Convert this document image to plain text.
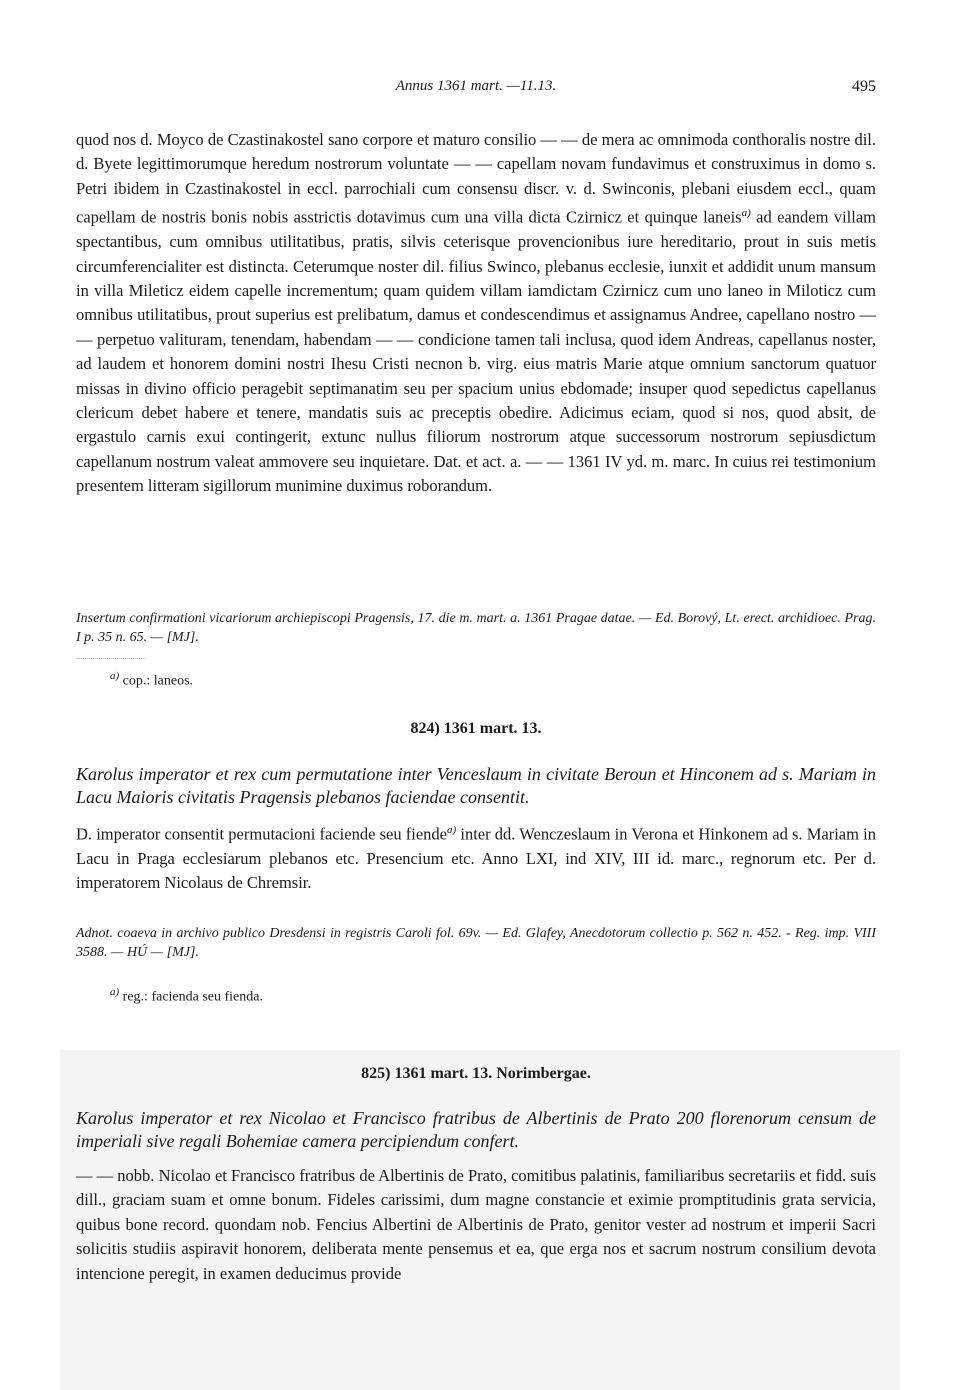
Annus 1361 mart. —11.13.	495

quod nos d. Moyco de Czastinakostel sano corpore et maturo consilio — — de mera ac omnimoda conthoralis nostre dil. d. Byete legittimorumque heredum nostrorum voluntate — — capellam novam fundavimus et construximus in domo s. Petri ibidem in Czastinakostel in eccl. parrochiali cum consensu discr. v. d. Swinconis, plebani eiusdem eccl., quam capellam de nostris bonis nobis asstrictis dotavimus cum una villa dicta Czirnicz et quinque laneis$^{a)}$ ad eandem villam spectantibus, cum omnibus utilitatibus, pratis, silvis ceterisque provencionibus iure hereditario, prout in suis metis circumferencialiter est distincta. Ceterumque noster dil. filius Swinco, plebanus ecclesie, iunxit et addidit unum mansum in villa Mileticz eidem capelle incrementum; quam quidem villam iamdictam Czirnicz cum uno laneo in Miloticz cum omnibus utilitatibus, prout superius est prelibatum, damus et condescendimus et assignamus Andree, capellano nostro — — perpetuo valituram, tenendam, habendam — — condicione tamen tali inclusa, quod idem Andreas, capellanus noster, ad laudem et honorem domini nostri Ihesu Cristi necnon b. virg. eius matris Marie atque omnium sanctorum quatuor missas in divino officio peragebit septimanatim seu per spacium unius ebdomade; insuper quod sepedictus capellanus clericum debet habere et tenere, mandatis suis ac preceptis obedire. Adicimus eciam, quod si nos, quod absit, de ergastulo carnis exui contingerit, extunc nullus filiorum nostrorum atque successorum nostrorum sepiusdictum capellanum nostrum valeat ammovere seu inquietare. Dat. et act. a. — — 1361 IV yd. m. marc. In cuius rei testimonium presentem litteram sigillorum munimine duximus roborandum.

Insertum confirmationi vicariorum archiepiscopi Pragensis, 17. die m. mart. a. 1361 Pragae datae. — Ed. Borový, Lt. erect. archidioec. Prag. I p. 35 n. 65. — [MJ].

$^{a)}$ cop.: laneos.

824) 1361 mart. 13.

Karolus imperator et rex cum permutatione inter Venceslaum in civitate Beroun et Hinconem ad s. Mariam in Lacu Maioris civitatis Pragensis plebanos faciendae consentit.

D. imperator consentit permutacioni faciende seu fiende$^{a)}$ inter dd. Wenczeslaum in Verona et Hinkonem ad s. Mariam in Lacu in Praga ecclesiarum plebanos etc. Presencium etc. Anno LXI, ind XIV, III id. marc., regnorum etc. Per d. imperatorem Nicolaus de Chremsir.

Adnot. coaeva in archivo publico Dresdensi in registris Caroli fol. 69v. — Ed. Glafey, Anecdotorum collectio p. 562 n. 452. - Reg. imp. VIII 3588. — HÚ — [MJ].

$^{a)}$ reg.: facienda seu fienda.

825) 1361 mart. 13. Norimbergae.

Karolus imperator et rex Nicolao et Francisco fratribus de Albertinis de Prato 200 florenorum censum de imperiali sive regali Bohemiae camera percipiendum confert.

— — nobb. Nicolao et Francisco fratribus de Albertinis de Prato, comitibus palatinis, familiaribus secretariis et fidd. suis dill., graciam suam et omne bonum. Fideles carissimi, dum magne constancie et eximie promptitudinis grata servicia, quibus bone record. quondam nob. Fencius Albertini de Albertinis de Prato, genitor vester ad nostrum et imperii Sacri solicitis studiis aspiravit honorem, deliberata mente pensemus et ea, que erga nos et sacrum nostrum consilium devota intencione peregit, in examen deducimus provide
